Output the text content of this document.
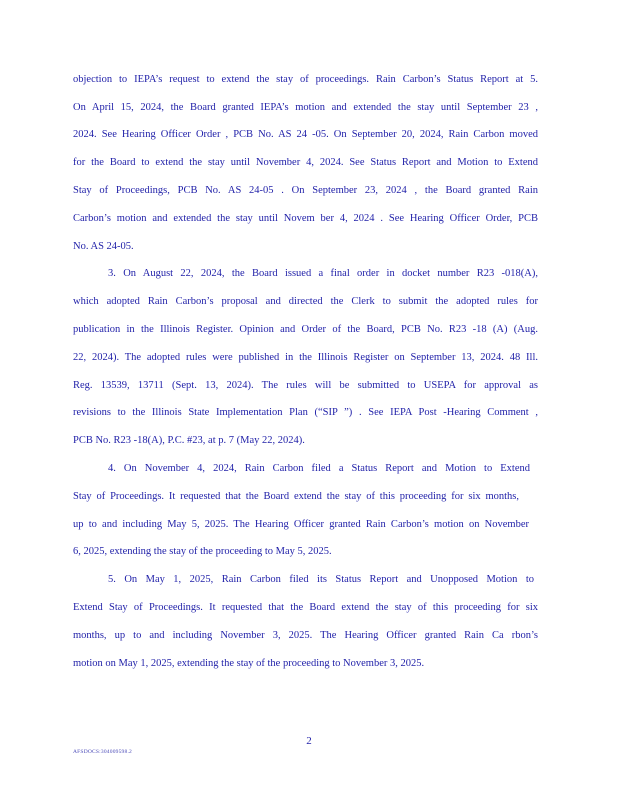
objection to IEPA’s request to extend the stay of proceedings. Rain Carbon’s Status Report at 5.
On April 15, 2024, the Board granted IEPA’s motion and extended the stay until September 23 ,
2024. See Hearing Officer Order , PCB No. AS 24 -05. On September 20, 2024, Rain Carbon moved
for the Board to extend the stay until November 4, 2024. See Status Report and Motion to Extend
Stay of Proceedings, PCB No. AS 24-05 . On September 23, 2024 , the Board granted Rain
Carbon’s motion and extended the stay until Novem ber 4, 2024 . See Hearing Officer Order, PCB
No. AS 24-05.
3. On August 22, 2024, the Board issued a final order in docket number R23 -018(A),
which adopted Rain Carbon’s proposal and directed the Clerk to submit the adopted rules for
publication in the Illinois Register. Opinion and Order of the Board, PCB No. R23 -18 (A) (Aug.
22, 2024). The adopted rules were published in the Illinois Register on September 13, 2024. 48 Ill.
Reg. 13539, 13711 (Sept. 13, 2024). The rules will be submitted to USEPA for approval as
revisions to the Illinois State Implementation Plan (“SIP ”) . See IEPA Post -Hearing Comment ,
PCB No. R23 -18(A), P.C. #23, at p. 7 (May 22, 2024).
4. On November 4, 2024, Rain Carbon filed a Status Report and Motion to Extend
Stay of Proceedings. It requested that the Board extend the stay of this proceeding for six months,
up to and including May 5, 2025. The Hearing Officer granted Rain Carbon’s motion on November
6, 2025, extending the stay of the proceeding to May 5, 2025.
5. On May 1, 2025, Rain Carbon filed its Status Report and Unopposed Motion to
Extend Stay of Proceedings. It requested that the Board extend the stay of this proceeding for six
months, up to and including November 3, 2025. The Hearing Officer granted Rain Ca rbon’s
motion on May 1, 2025, extending the stay of the proceeding to November 3, 2025.
2
AFSDOCS:304009598.2
